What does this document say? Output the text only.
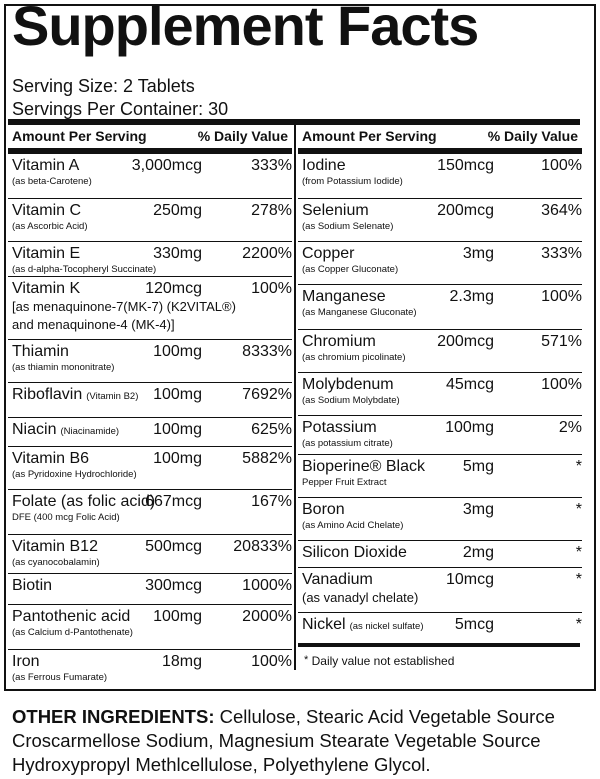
Supplement Facts
Serving Size: 2 Tablets
Servings Per Container: 30
Amount Per Serving	% Daily Value
Vitamin A	3,000mcg	333%
(as beta-Carotene)
Vitamin C	250mg	278%
(as Ascorbic Acid)
Vitamin E	330mg	2200%
(as d-alpha-Tocopheryl Succinate)
Vitamin K	120mcg	100%
[as menaquinone-7(MK-7) (K2VITAL®)
and menaquinone-4 (MK-4)]
Thiamin	100mg	8333%
(as thiamin mononitrate)
Riboflavin (Vitamin B2) 100mg	7692%
Niacin (Niacinamide) 100mg	625%
Vitamin B6	100mg	5882%
(as Pyridoxine Hydrochloride)
Folate (as folic acid)
667mcg	167%
DFE (400 mcg Folic Acid)
Vitamin B12	500mcg 20833%
(as cyanocobalamin)
Biotin	300mcg	1000%
Pantothenic acid 100mg	2000%
(as Calcium d-Pantothenate)
Iron	18mg	100%
(as Ferrous Fumarate)
Amount Per Serving	% Daily Value
Iodine	150mcg	100%
(from Potassium Iodide)
Selenium	200mcg	364%
(as Sodium Selenate)
Copper	3mg	333%
(as Copper Gluconate)
Manganese	2.3mg	100%
(as Manganese Gluconate)
Chromium	200mcg	571%
(as chromium picolinate)
Molybdenum	45mcg	100%
(as Sodium Molybdate)
Potassium	100mg	2%
(as potassium citrate)
Bioperine® Black 5mg	*
Pepper Fruit Extract
Boron	3mg	*
(as Amino Acid Chelate)
Silicon Dioxide	2mg	*
Vanadium	10mcg	*
(as vanadyl chelate)
Nickel (as nickel sulfate) 5mcg	*
* Daily value not established
OTHER INGREDIENTS: Cellulose, Stearic Acid Vegetable Source Croscarmellose Sodium, Magnesium Stearate Vegetable Source Hydroxypropyl Methlcellulose, Polyethylene Glycol.
